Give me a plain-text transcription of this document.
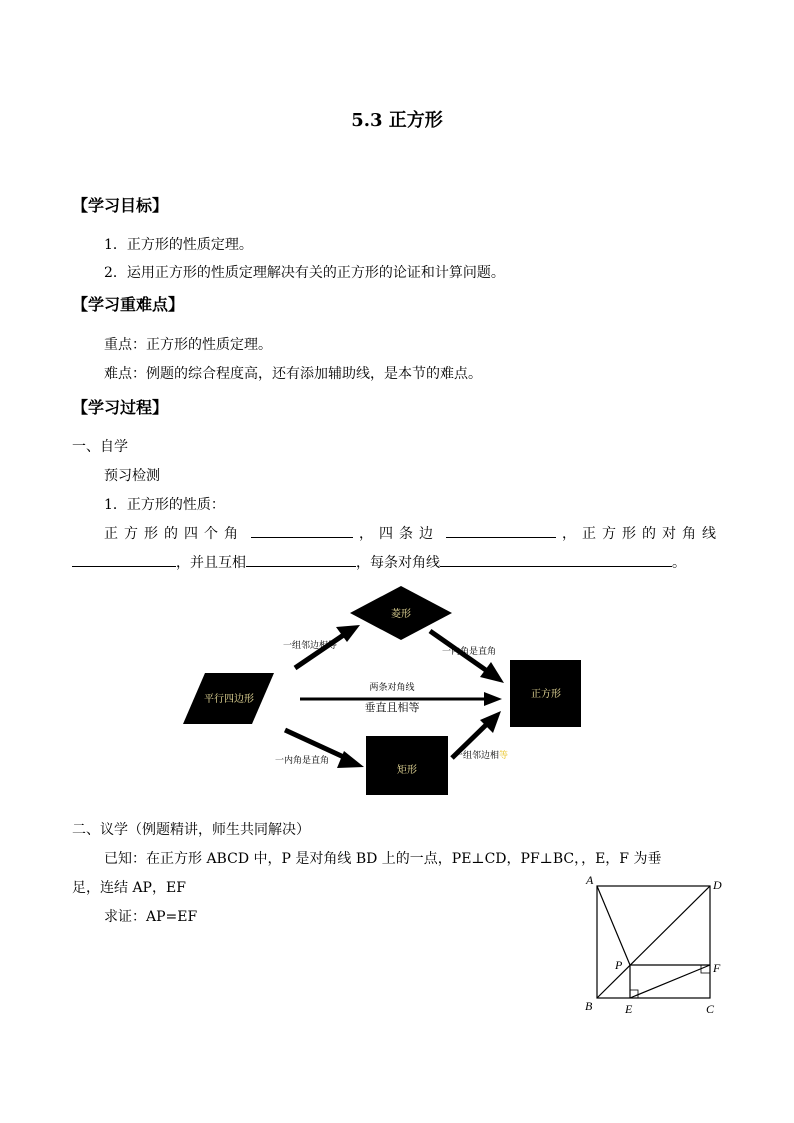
5.3 正方形
【学习目标】
1．正方形的性质定理。
2．运用正方形的性质定理解决有关的正方形的论证和计算问题。
【学习重难点】
重点：正方形的性质定理。
难点：例题的综合程度高，还有添加辅助线，是本节的难点。
【学习过程】
一、自学
预习检测
1．正方形的性质：
正方形的四个角	，四条边	，正方形的对角线
，并且互相	，每条对角线	。
菱形
平行四边形	正方形
矩形
一组邻边相等
一内角是直角
两条对角线
垂直且相等
一内角是直角	一组邻边相等
二、议学（例题精讲，师生共同解决）
已知：在正方形 ABCD 中，P 是对角线 BD 上的一点，PE⊥CD，PF⊥BC，，E，F 为垂
足，连结 AP，EF
求证：AP=EF
A	D
P	F
B	E	C
